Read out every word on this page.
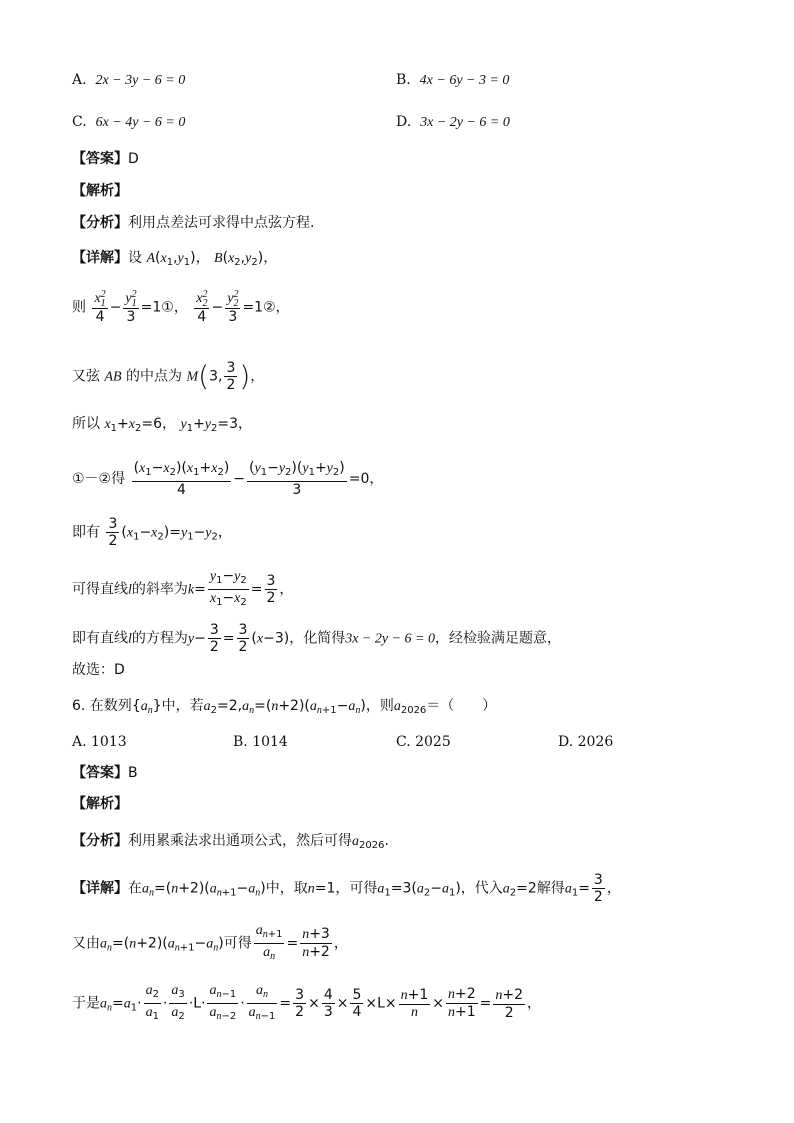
A. 2x − 3y − 6 = 0	B. 4x − 6y − 3 = 0
C. 6x − 4y − 6 = 0	D. 3x − 2y − 6 = 0
【答案】D
【解析】
【分析】利用点差法可求得中点弦方程.
【详解】设 $A(x_1,y_1)$， $B(x_2,y_2)$，
则 x 2
1
4 − y 2
1
3 =1①， x 2
2
4 − y 2
2
3 =1②，
又弦 AB 的中点为 M(3, $\frac{3}{2}$ )，
所以 $x_1+x_2=6$， $y_1+y_2=3$，
①－②得 $\frac{(x_1-x_2)(x_1+x_2)}{4} - \frac{(y_1-y_2)(y_1+y_2)}{3} =0$，
即有 $\frac{3}{2} (x_1-x_2)=y_1-y_2$，
可得直线l的斜率为$k= \frac{y_1-y_2}{x_1-x_2} = \frac{3}{2}$ ，
即有直线l的方程为$y- \frac{3}{2} = \frac{3}{2} (x-3)$，化简得3x − 2y − 6 = 0，经检验满足题意，
故选：D
6. 在数列$\{a_n\}$中，若$a_2=2,a_n=(n+2)(a_{n+1}-a_n)$，则$a_{2026}=$（　　）
A. 1013	B. 1014	C. 2025	D. 2026
【答案】B
【解析】
【分析】利用累乘法求出通项公式，然后可得$a_{2026}$.
【详解】在$a_n=(n+2)(a_{n+1}-a_n)$中，取n=1，可得$a_1=3(a_2-a_1)$，代入$a_2=2$解得$a_1= \frac{3}{2}$ ，
又由$a_n=(n+2)(a_{n+1}-a_n)$可得 $\frac{a_{n+1}}{a_n} = \frac{n+3}{n+2}$ ，
于是$a_n=a_1\cdot \frac{a_2}{a_1} \cdot \frac{a_3}{a_2} \cdot L\cdot \frac{a_{n-1}}{a_{n-2}} \cdot \frac{a_n}{a_{n-1}} = \frac{3}{2} \times \frac{4}{3} \times \frac{5}{4} \times L\times \frac{n+1}{n} \times \frac{n+2}{n+1} = \frac{n+2}{2}$ ，
